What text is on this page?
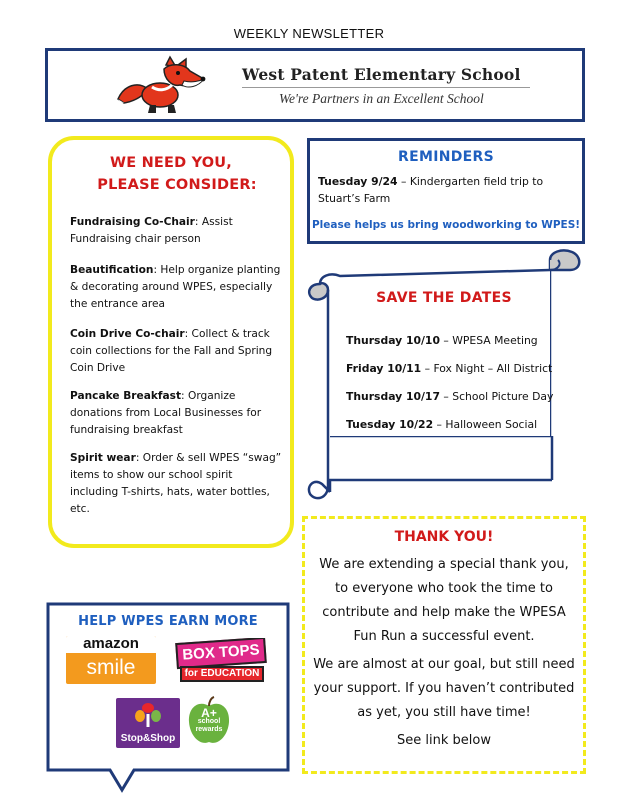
WEEKLY NEWSLETTER
West Patent Elementary School
We're Partners in an Excellent School
WE NEED YOU,
PLEASE CONSIDER:
Fundraising Co-Chair: Assist Fundraising chair person
Beautification: Help organize planting & decorating around WPES, especially the entrance area
Coin Drive Co-chair: Collect & track coin collections for the Fall and Spring Coin Drive
Pancake Breakfast: Organize donations from Local Businesses for fundraising breakfast
Spirit wear: Order & sell WPES “swag” items to show our school spirit including T-shirts, hats, water bottles, etc.
REMINDERS
Tuesday 9/24 – Kindergarten field trip to Stuart’s Farm
Please helps us bring woodworking to WPES!
SAVE THE DATES
Thursday 10/10 – WPESA Meeting
Friday 10/11 – Fox Night – All District
Thursday 10/17 – School Picture Day
Tuesday 10/22 – Halloween Social
THANK YOU!
We are extending a special thank you, to everyone who took the time to contribute and help make the WPESA Fun Run a successful event.
We are almost at our goal, but still need your support. If you haven’t contributed as yet, you still have time!
See link below
HELP WPES EARN MORE
amazon
smile
BOX TOPS
for EDUCATION
Stop&Shop
A+
school rewards
